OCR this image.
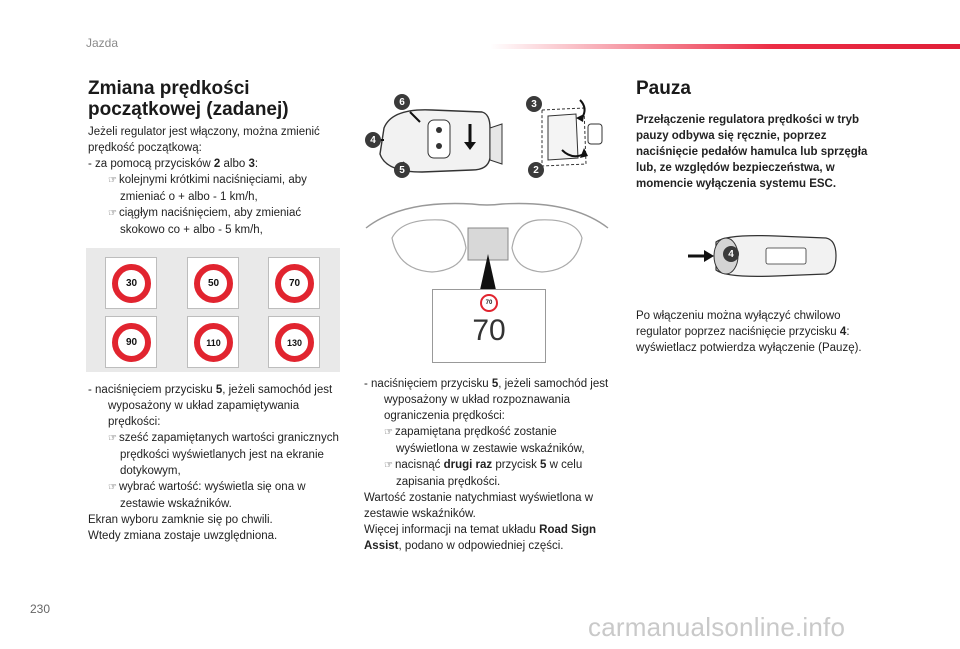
Jazda
Zmiana prędkości
początkowej (zadanej)
Jeżeli regulator jest włączony, można zmienić prędkość początkową:
- za pomocą przycisków 2 albo 3:
☞ kolejnymi krótkimi naciśnięciami, aby zmieniać o + albo - 1 km/h,
☞ ciągłym naciśnięciem, aby zmieniać skokowo co + albo - 5 km/h,
30	50	70
90	110	130
- naciśnięciem przycisku 5, jeżeli samochód jest wyposażony w układ zapamiętywania prędkości:
☞ sześć zapamiętanych wartości granicznych prędkości wyświetlanych jest na ekranie dotykowym,
☞ wybrać wartość: wyświetla się ona w zestawie wskaźników.
Ekran wyboru zamknie się po chwili.
Wtedy zmiana zostaje uwzględniona.
6
4
5
3
2
70
70
- naciśnięciem przycisku 5, jeżeli samochód jest wyposażony w układ rozpoznawania ograniczenia prędkości:
☞ zapamiętana prędkość zostanie wyświetlona w zestawie wskaźników,
☞ nacisnąć drugi raz przycisk 5 w celu zapisania prędkości.
Wartość zostanie natychmiast wyświetlona w zestawie wskaźników.
Więcej informacji na temat układu Road Sign Assist, podano w odpowiedniej części.
Pauza
Przełączenie regulatora prędkości w tryb pauzy odbywa się ręcznie, poprzez naciśnięcie pedałów hamulca lub sprzęgła lub, ze względów bezpieczeństwa, w momencie wyłączenia systemu ESC.
4
Po włączeniu można wyłączyć chwilowo regulator poprzez naciśnięcie przycisku 4: wyświetlacz potwierdza wyłączenie (Pauzę).
230
carmanualsonline.info
